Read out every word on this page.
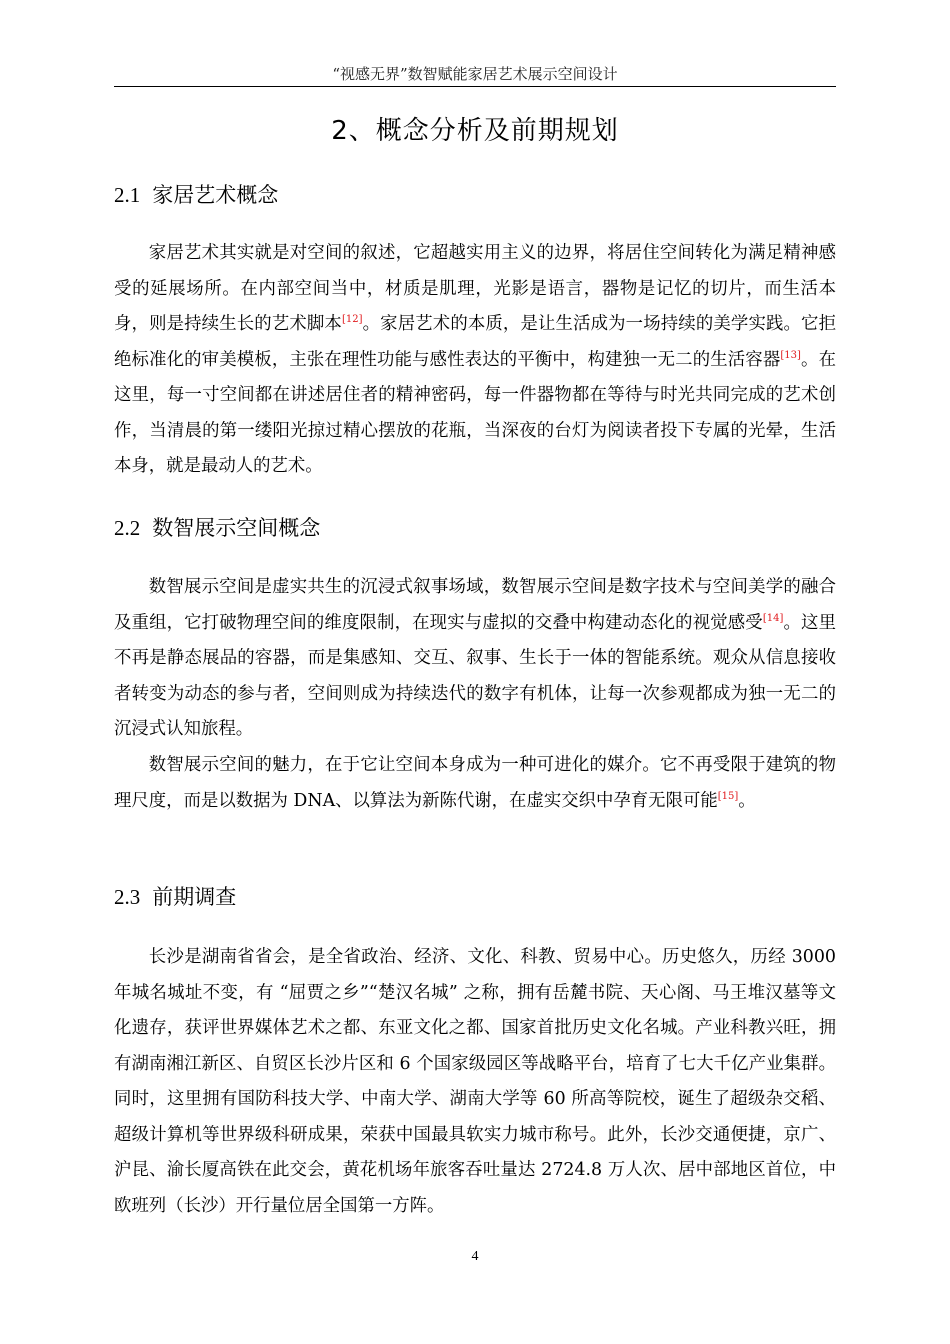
“视感无界”数智赋能家居艺术展示空间设计
2、概念分析及前期规划
2.1 家居艺术概念

家居艺术其实就是对空间的叙述，它超越实用主义的边界，将居住空间转化为满足精神感受的延展场所。在内部空间当中，材质是肌理，光影是语言，器物是记忆的切片，而生活本身，则是持续生长的艺术脚本[12]。家居艺术的本质，是让生活成为一场持续的美学实践。它拒绝标准化的审美模板，主张在理性功能与感性表达的平衡中，构建独一无二的生活容器[13]。在这里，每一寸空间都在讲述居住者的精神密码，每一件器物都在等待与时光共同完成的艺术创作，当清晨的第一缕阳光掠过精心摆放的花瓶，当深夜的台灯为阅读者投下专属的光晕，生活本身，就是最动人的艺术。

2.2 数智展示空间概念

数智展示空间是虚实共生的沉浸式叙事场域，数智展示空间是数字技术与空间美学的融合及重组，它打破物理空间的维度限制，在现实与虚拟的交叠中构建动态化的视觉感受[14]。这里不再是静态展品的容器，而是集感知、交互、叙事、生长于一体的智能系统。观众从信息接收者转变为动态的参与者，空间则成为持续迭代的数字有机体，让每一次参观都成为独一无二的沉浸式认知旅程。

数智展示空间的魅力，在于它让空间本身成为一种可进化的媒介。它不再受限于建筑的物理尺度，而是以数据为 DNA、以算法为新陈代谢，在虚实交织中孕育无限可能[15]。

2.3 前期调查

长沙是湖南省省会，是全省政治、经济、文化、科教、贸易中心。历史悠久，历经 3000 年城名城址不变，有 “屈贾之乡”“楚汉名城” 之称，拥有岳麓书院、天心阁、马王堆汉墓等文化遗存，获评世界媒体艺术之都、东亚文化之都、国家首批历史文化名城。产业科教兴旺，拥有湖南湘江新区、自贸区长沙片区和 6 个国家级园区等战略平台，培育了七大千亿产业集群。同时，这里拥有国防科技大学、中南大学、湖南大学等 60 所高等院校，诞生了超级杂交稻、超级计算机等世界级科研成果，荣获中国最具软实力城市称号。此外，长沙交通便捷，京广、沪昆、渝长厦高铁在此交会，黄花机场年旅客吞吐量达 2724.8 万人次、居中部地区首位，中欧班列（长沙）开行量位居全国第一方阵。

4
